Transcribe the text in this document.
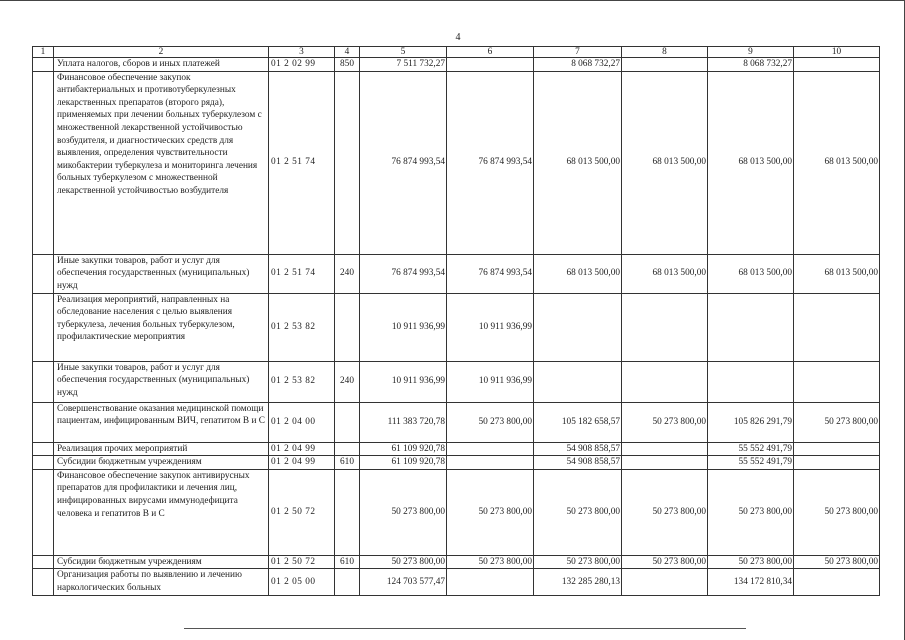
4
1	2	3	4	5	6	7	8	9	10
	Уплата налогов, сборов и иных платежей	01 2 02 99	850	7 511 732,27		8 068 732,27		8 068 732,27	
	Финансовое обеспечение закупок антибактериальных и противотуберкулезных лекарственных препаратов (второго ряда), применяемых при лечении больных туберкулезом с множественной лекарственной устойчивостью возбудителя, и диагностических средств для выявления, определения чувствительности микобактерии туберкулеза и мониторинга лечения больных туберкулезом с множественной лекарственной устойчивостью возбудителя	01 2 51 74		76 874 993,54	76 874 993,54	68 013 500,00	68 013 500,00	68 013 500,00	68 013 500,00
	Иные закупки товаров, работ и услуг для обеспечения государственных (муниципальных) нужд	01 2 51 74	240	76 874 993,54	76 874 993,54	68 013 500,00	68 013 500,00	68 013 500,00	68 013 500,00
	Реализация мероприятий, направленных на обследование населения с целью выявления туберкулеза, лечения больных туберкулезом, профилактические мероприятия	01 2 53 82		10 911 936,99	10 911 936,99				
	Иные закупки товаров, работ и услуг для обеспечения государственных (муниципальных) нужд	01 2 53 82	240	10 911 936,99	10 911 936,99				
	Совершенствование оказания медицинской помощи пациентам, инфицированным ВИЧ, гепатитом В и С	01 2 04 00		111 383 720,78	50 273 800,00	105 182 658,57	50 273 800,00	105 826 291,79	50 273 800,00
	Реализация прочих мероприятий	01 2 04 99		61 109 920,78		54 908 858,57		55 552 491,79	
	Субсидии бюджетным учреждениям	01 2 04 99	610	61 109 920,78		54 908 858,57		55 552 491,79	
	Финансовое обеспечение закупок антивирусных препаратов для профилактики и лечения лиц, инфицированных вирусами иммунодефицита человека и гепатитов В и С	01 2 50 72		50 273 800,00	50 273 800,00	50 273 800,00	50 273 800,00	50 273 800,00	50 273 800,00
	Субсидии бюджетным учреждениям	01 2 50 72	610	50 273 800,00	50 273 800,00	50 273 800,00	50 273 800,00	50 273 800,00	50 273 800,00
	Организация работы по выявлению и лечению наркологических больных	01 2 05 00		124 703 577,47		132 285 280,13		134 172 810,34	
